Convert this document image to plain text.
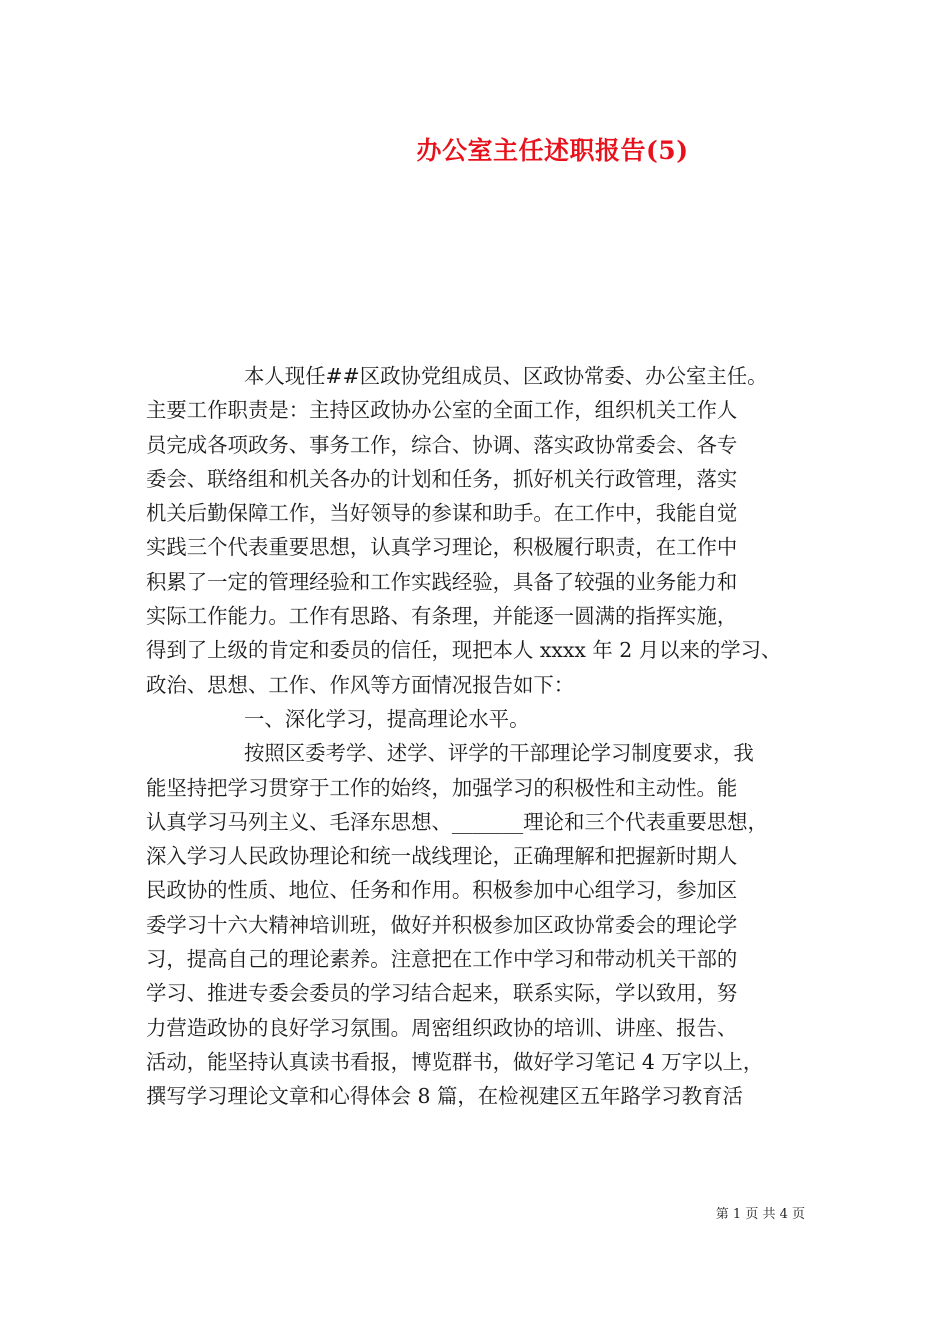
办公室主任述职报告(5)
本人现任##区政协党组成员、区政协常委、办公室主任。
主要工作职责是：主持区政协办公室的全面工作，组织机关工作人
员完成各项政务、事务工作，综合、协调、落实政协常委会、各专
委会、联络组和机关各办的计划和任务，抓好机关行政管理，落实
机关后勤保障工作，当好领导的参谋和助手。在工作中，我能自觉
实践三个代表重要思想，认真学习理论，积极履行职责，在工作中
积累了一定的管理经验和工作实践经验，具备了较强的业务能力和
实际工作能力。工作有思路、有条理，并能逐一圆满的指挥实施，
得到了上级的肯定和委员的信任，现把本人 xxxx 年 2 月以来的学习、
政治、思想、工作、作风等方面情况报告如下：
一、深化学习，提高理论水平。
按照区委考学、述学、评学的干部理论学习制度要求，我
能坚持把学习贯穿于工作的始终，加强学习的积极性和主动性。能
认真学习马列主义、毛泽东思想、_______理论和三个代表重要思想，
深入学习人民政协理论和统一战线理论，正确理解和把握新时期人
民政协的性质、地位、任务和作用。积极参加中心组学习，参加区
委学习十六大精神培训班，做好并积极参加区政协常委会的理论学
习，提高自己的理论素养。注意把在工作中学习和带动机关干部的
学习、推进专委会委员的学习结合起来，联系实际，学以致用，努
力营造政协的良好学习氛围。周密组织政协的培训、讲座、报告、
活动，能坚持认真读书看报，博览群书，做好学习笔记 4 万字以上，
撰写学习理论文章和心得体会 8 篇，在检视建区五年路学习教育活
第 1 页 共 4 页
